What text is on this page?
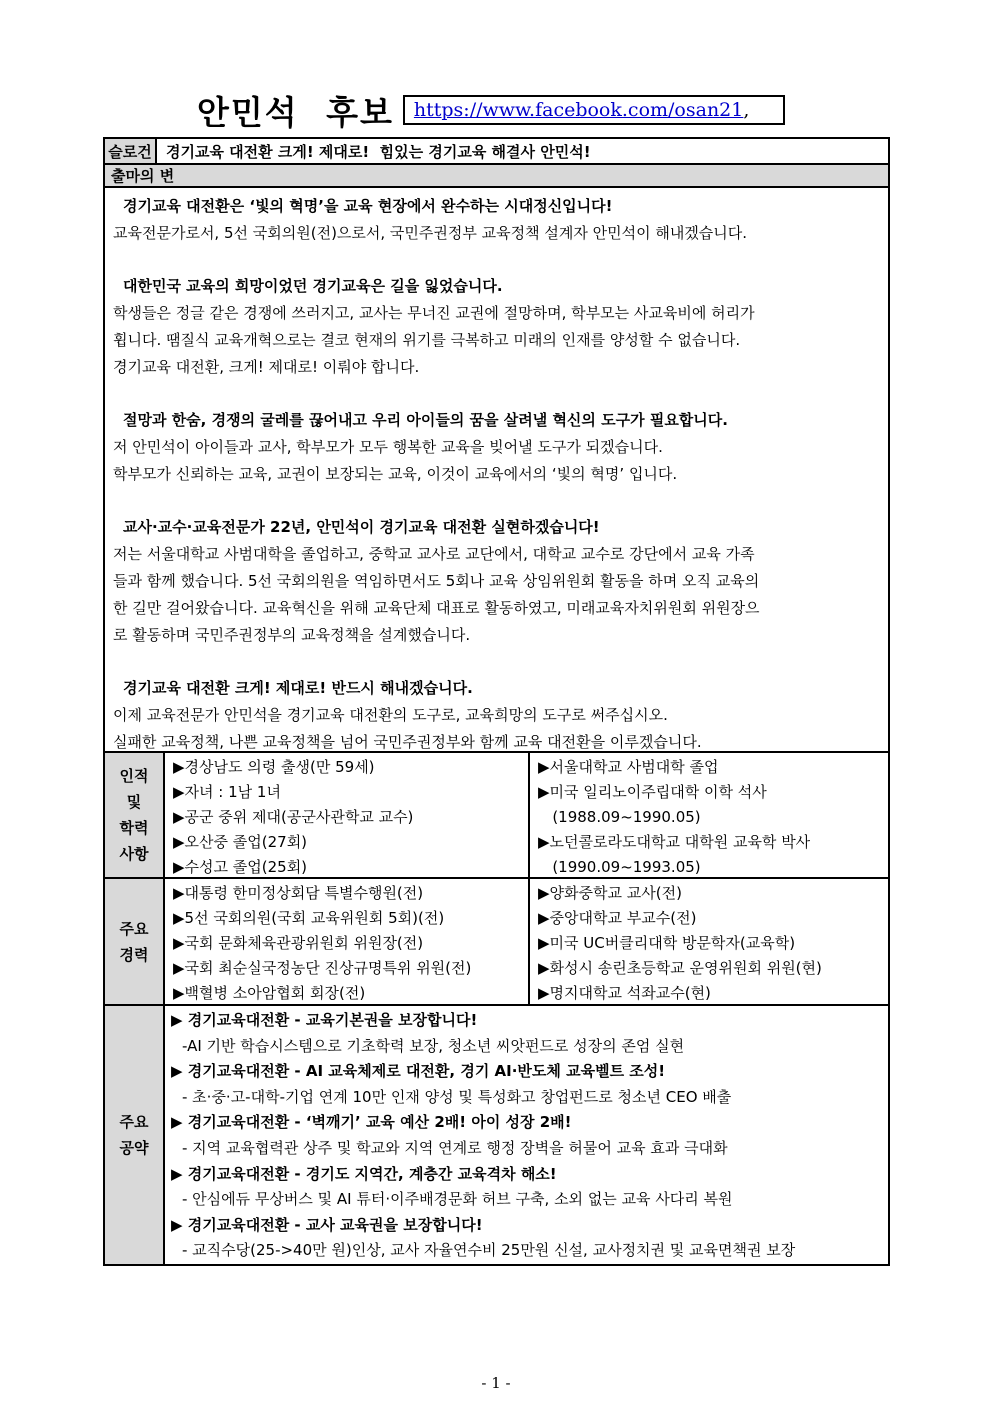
안민석 후보 https://www.facebook.com/osan21 ,
슬로건 경기교육 대전환 크게! 제대로!  힘있는 경기교육 해결사 안민석!
출마의 변
경기교육 대전환은 ‘빛의 혁명’을 교육 현장에서 완수하는 시대정신입니다!
교육전문가로서, 5선 국회의원(전)으로서, 국민주권정부 교육정책 설계자 안민석이 해내겠습니다.
대한민국 교육의 희망이었던 경기교육은 길을 잃었습니다.
학생들은 정글 같은 경쟁에 쓰러지고, 교사는 무너진 교권에 절망하며, 학부모는 사교육비에 허리가
휩니다. 땜질식 교육개혁으로는 결코 현재의 위기를 극복하고 미래의 인재를 양성할 수 없습니다.
경기교육 대전환, 크게! 제대로! 이뤄야 합니다.
절망과 한숨, 경쟁의 굴레를 끊어내고 우리 아이들의 꿈을 살려낼 혁신의 도구가 필요합니다.
저 안민석이 아이들과 교사, 학부모가 모두 행복한 교육을 빚어낼 도구가 되겠습니다.
학부모가 신뢰하는 교육, 교권이 보장되는 교육, 이것이 교육에서의 ‘빛의 혁명’ 입니다.
교사·교수·교육전문가 22년, 안민석이 경기교육 대전환 실현하겠습니다!
저는 서울대학교 사범대학을 졸업하고, 중학교 교사로 교단에서, 대학교 교수로 강단에서 교육 가족
들과 함께 했습니다. 5선 국회의원을 역임하면서도 5회나 교육 상임위원회 활동을 하며 오직 교육의
한 길만 걸어왔습니다. 교육혁신을 위해 교육단체 대표로 활동하였고, 미래교육자치위원회 위원장으
로 활동하며 국민주권정부의 교육정책을 설계했습니다.
경기교육 대전환 크게! 제대로! 반드시 해내겠습니다.
이제 교육전문가 안민석을 경기교육 대전환의 도구로, 교육희망의 도구로 써주십시오.
실패한 교육정책, 나쁜 교육정책을 넘어 국민주권정부와 함께 교육 대전환을 이루겠습니다.
인적
및
학력
사항
▶경상남도 의령 출생(만 59세)
▶자녀 : 1남 1녀
▶공군 중위 제대(공군사관학교 교수)
▶오산중 졸업(27회)
▶수성고 졸업(25회)
▶서울대학교 사범대학 졸업
▶미국 일리노이주립대학 이학 석사
(1988.09~1990.05)
▶노던콜로라도대학교 대학원 교육학 박사
(1990.09~1993.05)
주요
경력
▶대통령 한미정상회담 특별수행원(전)
▶5선 국회의원(국회 교육위원회 5회)(전)
▶국회 문화체육관광위원회 위원장(전)
▶국회 최순실국정농단 진상규명특위 위원(전)
▶백혈병 소아암협회 회장(전)
▶양화중학교 교사(전)
▶중앙대학교 부교수(전)
▶미국 UC버클리대학 방문학자(교육학)
▶화성시 송린초등학교 운영위원회 위원(현)
▶명지대학교 석좌교수(현)
주요
공약
▶ 경기교육대전환 - 교육기본권을 보장합니다!
-AI 기반 학습시스템으로 기초학력 보장, 청소년 씨앗펀드로 성장의 존엄 실현
▶ 경기교육대전환 - AI 교육체제로 대전환, 경기 AI·반도체 교육벨트 조성!
- 초·중·고-대학-기업 연계 10만 인재 양성 및 특성화고 창업펀드로 청소년 CEO 배출
▶ 경기교육대전환 - ‘벽깨기’ 교육 예산 2배! 아이 성장 2배!
- 지역 교육협력관 상주 및 학교와 지역 연계로 행정 장벽을 허물어 교육 효과 극대화
▶ 경기교육대전환 - 경기도 지역간, 계층간 교육격차 해소!
- 안심에듀 무상버스 및 AI 튜터·이주배경문화 허브 구축, 소외 없는 교육 사다리 복원
▶ 경기교육대전환 - 교사 교육권을 보장합니다!
- 교직수당(25->40만 원)인상, 교사 자율연수비 25만원 신설, 교사정치권 및 교육면책권 보장
- 1 -
